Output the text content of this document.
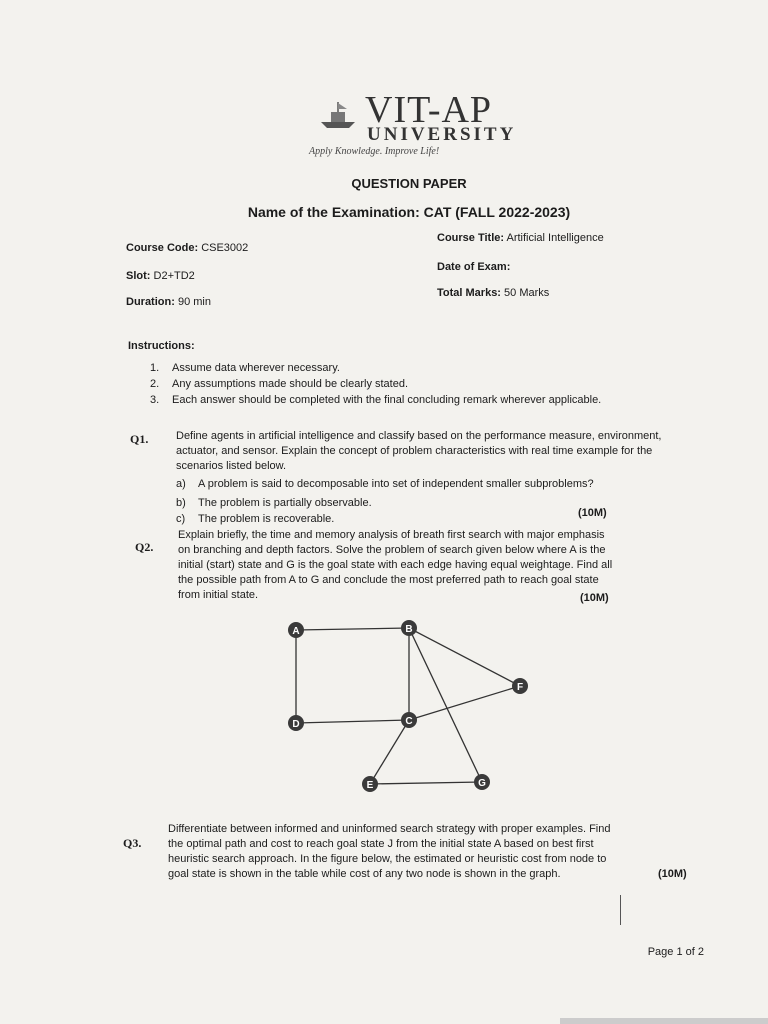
VIT-AP
UNIVERSITY
Apply Knowledge. Improve Life!
QUESTION PAPER
Name of the Examination: CAT (FALL 2022-2023)
Course Code: CSE3002
Slot: D2+TD2
Duration: 90 min
Course Title: Artificial Intelligence
Date of Exam:
Total Marks: 50 Marks
Instructions:
1. Assume data wherever necessary.
2. Any assumptions made should be clearly stated.
3. Each answer should be completed with the final concluding remark wherever applicable.
Q1.	Define agents in artificial intelligence and classify based on the performance measure, environment, actuator, and sensor. Explain the concept of problem characteristics with real time example for the scenarios listed below.
a) A problem is said to decomposable into set of independent smaller subproblems?
b) The problem is partially observable.
c) The problem is recoverable.	(10M)
Q2.
Explain briefly, the time and memory analysis of breath first search with major emphasis on branching and depth factors. Solve the problem of search given below where A is the initial (start) state and G is the goal state with each edge having equal weightage. Find all the possible path from A to G and conclude the most preferred path to reach goal state from initial state.	(10M)
A	B
C
D
E
F
G
Q3.
Differentiate between informed and uninformed search strategy with proper examples. Find the optimal path and cost to reach goal state J from the initial state A based on best first heuristic search approach. In the figure below, the estimated or heuristic cost from node to goal state is shown in the table while cost of any two node is shown in the graph.	(10M)
Page 1 of 2
